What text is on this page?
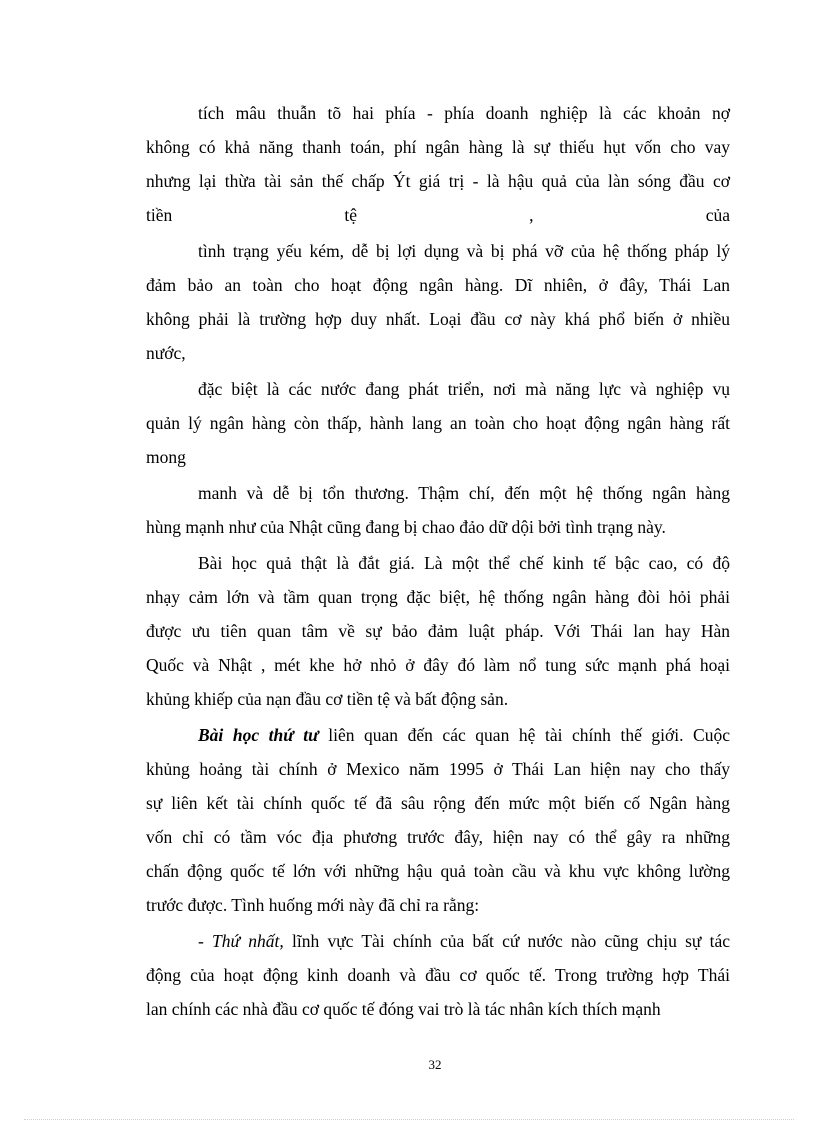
tích mâu thuẫn tõ hai phía - phía doanh nghiệp là các khoản nợ
không có khả năng thanh toán, phí ngân hàng là sự thiếu hụt vốn cho vay
nhưng lại thừa tài sản thế chấp Ýt giá trị - là hậu quả của làn sóng đầu cơ
tiền	tệ	,	của
tình trạng yếu kém, dễ bị lợi dụng và bị phá vỡ của hệ thống pháp lý
đảm bảo an toàn cho hoạt động ngân hàng. Dĩ nhiên, ở đây, Thái Lan
không phải là trường hợp duy nhất. Loại đầu cơ này khá phổ biến ở nhiều
nước,
đặc biệt là các nước đang phát triển, nơi mà năng lực và nghiệp vụ
quản lý ngân hàng còn thấp, hành lang an toàn cho hoạt động ngân hàng rất
mong
manh và dễ bị tổn thương. Thậm chí, đến một hệ thống ngân hàng
hùng mạnh như của Nhật cũng đang bị chao đảo dữ dội bởi tình trạng này.
Bài học quả thật là đắt giá. Là một thể chế kinh tế bậc cao, có độ
nhạy cảm lớn và tầm quan trọng đặc biệt, hệ thống ngân hàng đòi hỏi phải
được ưu tiên quan tâm về sự bảo đảm luật pháp. Với Thái lan hay Hàn
Quốc và Nhật , mét khe hở nhỏ ở đây đó làm nổ tung sức mạnh phá hoại
khủng khiếp của nạn đầu cơ tiền tệ và bất động sản.
Bài học thứ tư liên quan đến các quan hệ tài chính thế giới. Cuộc
khủng hoảng tài chính ở Mexico năm 1995 ở Thái Lan hiện nay cho thấy
sự liên kết tài chính quốc tế đã sâu rộng đến mức một biến cố Ngân hàng
vốn chỉ có tầm vóc địa phương trước đây, hiện nay có thể gây ra những
chấn động quốc tế lớn với những hậu quả toàn cầu và khu vực không lường
trước được. Tình huống mới này đã chỉ ra rằng:
- Thứ nhất, lĩnh vực Tài chính của bất cứ nước nào cũng chịu sự tác
động của hoạt động kinh doanh và đầu cơ quốc tế. Trong trường hợp Thái
lan chính các nhà đầu cơ quốc tế đóng vai trò là tác nhân kích thích mạnh
32
